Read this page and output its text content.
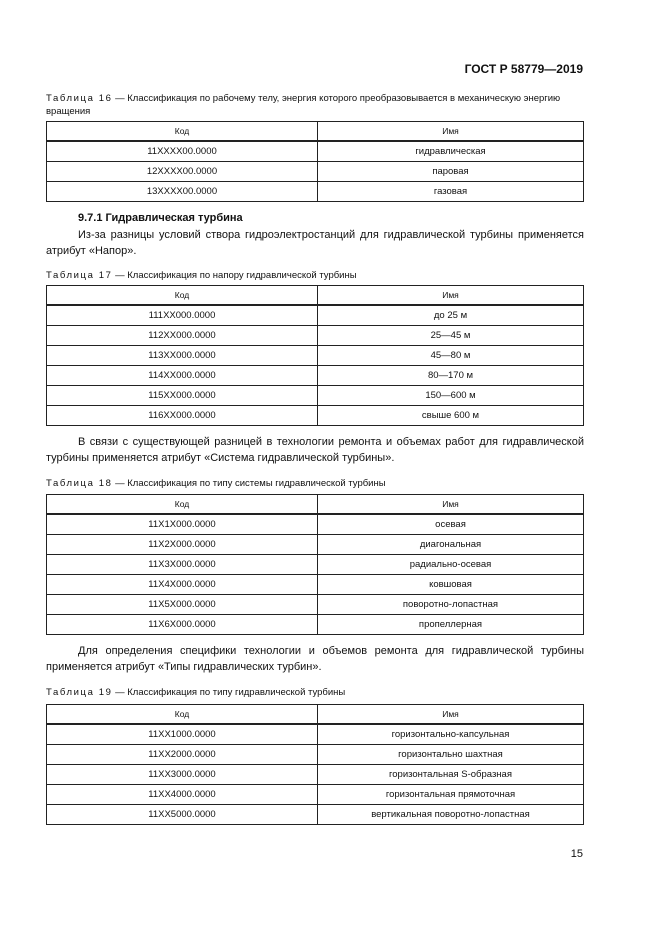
ГОСТ Р 58779—2019
Таблица 16 — Классификация по рабочему телу, энергия которого преобразовывается в механическую энергию вращения
Код	Имя
11XXXX00.0000	гидравлическая
12XXXX00.0000	паровая
13XXXX00.0000	газовая
9.7.1 Гидравлическая турбина
Из-за разницы условий створа гидроэлектростанций для гидравлической турбины применяется атрибут «Напор».
Таблица 17 — Классификация по напору гидравлической турбины
Код	Имя
111XX000.0000	до 25 м
112XX000.0000	25—45 м
113XX000.0000	45—80 м
114XX000.0000	80—170 м
115XX000.0000	150—600 м
116XX000.0000	свыше 600 м
В связи с существующей разницей в технологии ремонта и объемах работ для гидравлической турбины применяется атрибут «Система гидравлической турбины».
Таблица 18 — Классификация по типу системы гидравлической турбины
Код	Имя
11X1X000.0000	осевая
11X2X000.0000	диагональная
11X3X000.0000	радиально-осевая
11X4X000.0000	ковшовая
11X5X000.0000	поворотно-лопастная
11X6X000.0000	пропеллерная
Для определения специфики технологии и объемов ремонта для гидравлической турбины применяется атрибут «Типы гидравлических турбин».
Таблица 19 — Классификация по типу гидравлической турбины
Код	Имя
11XX1000.0000	горизонтально-капсульная
11XX2000.0000	горизонтально шахтная
11XX3000.0000	горизонтальная S-образная
11XX4000.0000	горизонтальная прямоточная
11XX5000.0000	вертикальная поворотно-лопастная
15
